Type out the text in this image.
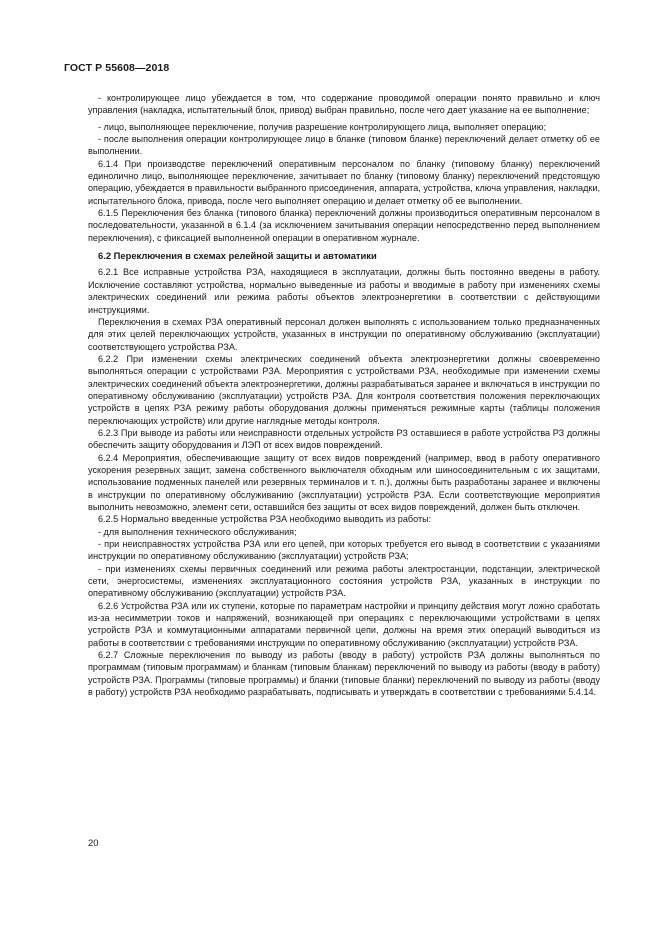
ГОСТ Р 55608—2018

- контролирующее лицо убеждается в том, что содержание проводимой операции понято правильно и ключ управления (накладка, испытательный блок, привод) выбран правильно, после чего дает указание на ее выполнение;

- лицо, выполняющее переключение, получив разрешение контролирующего лица, выполняет операцию;

- после выполнения операции контролирующее лицо в бланке (типовом бланке) переключений делает отметку об ее выполнении.

6.1.4 При производстве переключений оперативным персоналом по бланку (типовому бланку) переключений единолично лицо, выполняющее переключение, зачитывает по бланку (типовому бланку) переключений предстоящую операцию, убеждается в правильности выбранного присоединения, аппарата, устройства, ключа управления, накладки, испытательного блока, привода, после чего выполняет операцию и делает отметку об ее выполнении.

6.1.5 Переключения без бланка (типового бланка) переключений должны производиться оперативным персоналом в последовательности, указанной в 6.1.4 (за исключением зачитывания операции непосредственно перед выполнением переключения), с фиксацией выполненной операции в оперативном журнале.

6.2 Переключения в схемах релейной защиты и автоматики

6.2.1 Все исправные устройства РЗА, находящиеся в эксплуатации, должны быть постоянно введены в работу. Исключение составляют устройства, нормально выведенные из работы и вводимые в работу при изменениях схемы электрических соединений или режима работы объектов электроэнергетики в соответствии с действующими инструкциями.

Переключения в схемах РЗА оперативный персонал должен выполнять с использованием только предназначенных для этих целей переключающих устройств, указанных в инструкции по оперативному обслуживанию (эксплуатации) соответствующего устройства РЗА.

6.2.2 При изменении схемы электрических соединений объекта электроэнергетики должны своевременно выполняться операции с устройствами РЗА. Мероприятия с устройствами РЗА, необходимые при изменении схемы электрических соединений объекта электроэнергетики, должны разрабатываться заранее и включаться в инструкции по оперативному обслуживанию (эксплуатации) устройств РЗА. Для контроля соответствия положения переключающих устройств в цепях РЗА режиму работы оборудования должны применяться режимные карты (таблицы положения переключающих устройств) или другие наглядные методы контроля.

6.2.3 При выводе из работы или неисправности отдельных устройств РЗ оставшиеся в работе устройства РЗ должны обеспечить защиту оборудования и ЛЭП от всех видов повреждений.

6.2.4 Мероприятия, обеспечивающие защиту от всех видов повреждений (например, ввод в работу оперативного ускорения резервных защит, замена собственного выключателя обходным или шиносоединительным с их защитами, использование подменных панелей или резервных терминалов и т. п.), должны быть разработаны заранее и включены в инструкции по оперативному обслуживанию (эксплуатации) устройств РЗА. Если соответствующие мероприятия выполнить невозможно, элемент сети, оставшийся без защиты от всех видов повреждений, должен быть отключен.

6.2.5 Нормально введенные устройства РЗА необходимо выводить из работы:

- для выполнения технического обслуживания;

- при неисправностях устройства РЗА или его цепей, при которых требуется его вывод в соответствии с указаниями инструкции по оперативному обслуживанию (эксплуатации) устройств РЗА;

- при изменениях схемы первичных соединений или режима работы электростанции, подстанции, электрической сети, энергосистемы, изменениях эксплуатационного состояния устройств РЗА, указанных в инструкции по оперативному обслуживанию (эксплуатации) устройств РЗА.

6.2.6 Устройства РЗА или их ступени, которые по параметрам настройки и принципу действия могут ложно сработать из-за несимметрии токов и напряжений, возникающей при операциях с переключающими устройствами в цепях устройств РЗА и коммутационными аппаратами первичной цепи, должны на время этих операций выводиться из работы в соответствии с требованиями инструкции по оперативному обслуживанию (эксплуатации) устройств РЗА.

6.2.7 Сложные переключения по выводу из работы (вводу в работу) устройств РЗА должны выполняться по программам (типовым программам) и бланкам (типовым бланкам) переключений по выводу из работы (вводу в работу) устройств РЗА. Программы (типовые программы) и бланки (типовые бланки) переключений по выводу из работы (вводу в работу) устройств РЗА необходимо разрабатывать, подписывать и утверждать в соответствии с требованиями 5.4.14.

20
